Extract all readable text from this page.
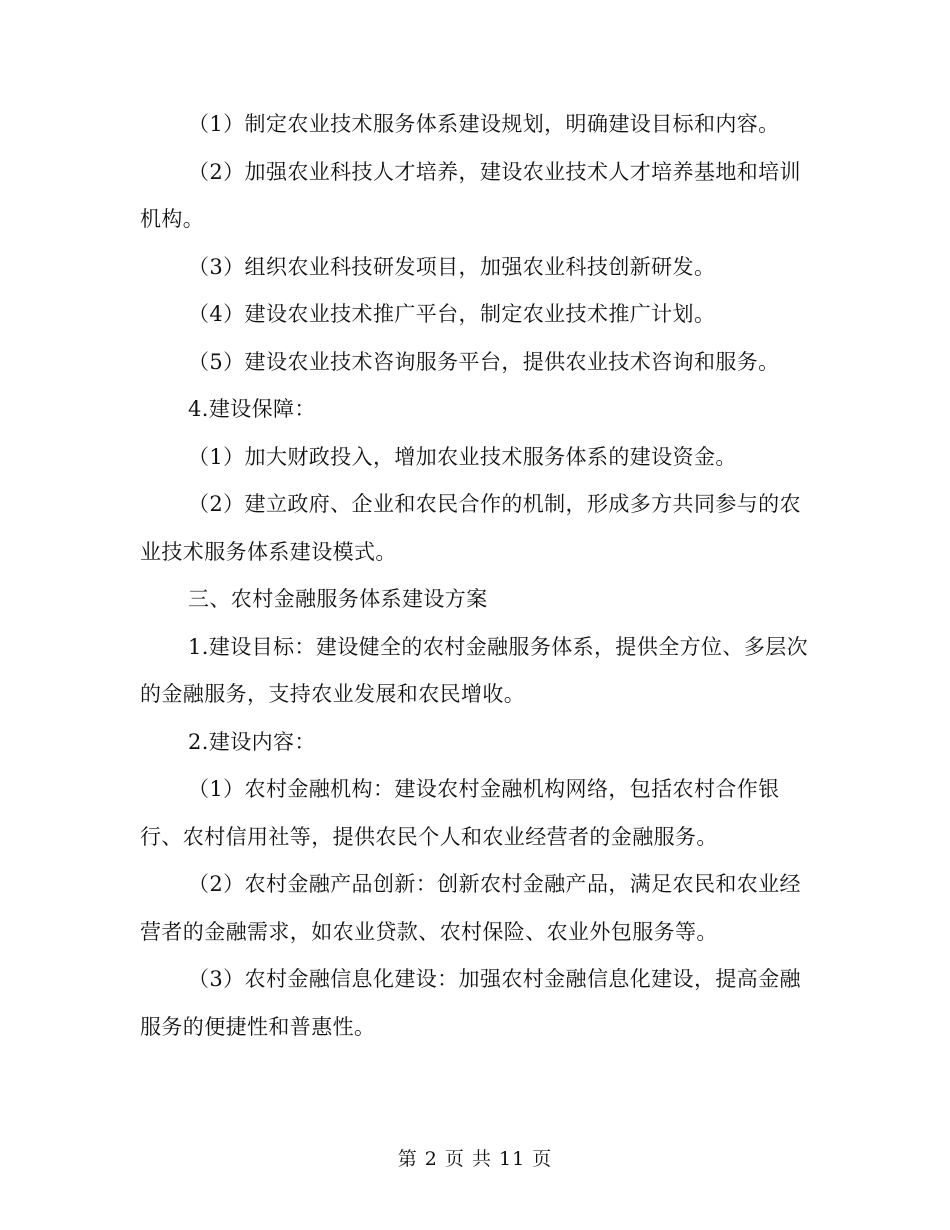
（1）制定农业技术服务体系建设规划，明确建设目标和内容。

（2）加强农业科技人才培养，建设农业技术人才培养基地和培训机构。

（3）组织农业科技研发项目，加强农业科技创新研发。

（4）建设农业技术推广平台，制定农业技术推广计划。

（5）建设农业技术咨询服务平台，提供农业技术咨询和服务。

4.建设保障：

（1）加大财政投入，增加农业技术服务体系的建设资金。

（2）建立政府、企业和农民合作的机制，形成多方共同参与的农业技术服务体系建设模式。

三、农村金融服务体系建设方案

1.建设目标：建设健全的农村金融服务体系，提供全方位、多层次的金融服务，支持农业发展和农民增收。

2.建设内容：

（1）农村金融机构：建设农村金融机构网络，包括农村合作银行、农村信用社等，提供农民个人和农业经营者的金融服务。

（2）农村金融产品创新：创新农村金融产品，满足农民和农业经营者的金融需求，如农业贷款、农村保险、农业外包服务等。

（3）农村金融信息化建设：加强农村金融信息化建设，提高金融服务的便捷性和普惠性。

第 2 页 共 11 页
